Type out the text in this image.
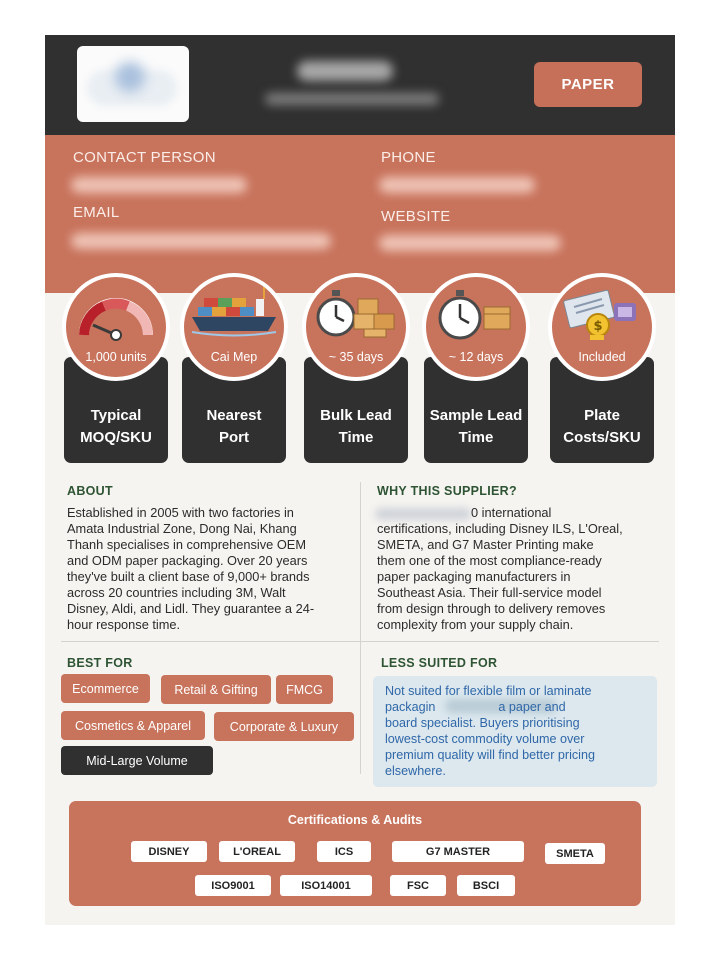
PAPER
CONTACT PERSON
EMAIL
PHONE
WEBSITE
1,000 units
Typical
MOQ/SKU
Cai Mep
Nearest
Port
~ 35 days
Bulk Lead
Time
~ 12 days
Sample Lead
Time
$
Included
Plate
Costs/SKU
ABOUT
Established in 2005 with two factories in
Amata Industrial Zone, Dong Nai, Khang
Thanh specialises in comprehensive OEM
and ODM paper packaging. Over 20 years
they've built a client base of 9,000+ brands
across 20 countries including 3M, Walt
Disney, Aldi, and Lidl. They guarantee a 24-
hour response time.
WHY THIS SUPPLIER?
0 international
certifications, including Disney ILS, L'Oreal,
SMETA, and G7 Master Printing make
them one of the most compliance-ready
paper packaging manufacturers in
Southeast Asia. Their full-service model
from design through to delivery removes
complexity from your supply chain.
BEST FOR
Ecommerce	Retail & Gifting	FMCG
Cosmetics & Apparel	Corporate & Luxury
Mid-Large Volume
LESS SUITED FOR
Not suited for flexible film or laminate
packagin                  a paper and
board specialist. Buyers prioritising
lowest-cost commodity volume over
premium quality will find better pricing
elsewhere.
Certifications & Audits
DISNEY	L'OREAL	ICS	G7 MASTER	SMETA
ISO9001	ISO14001	FSC	BSCI
